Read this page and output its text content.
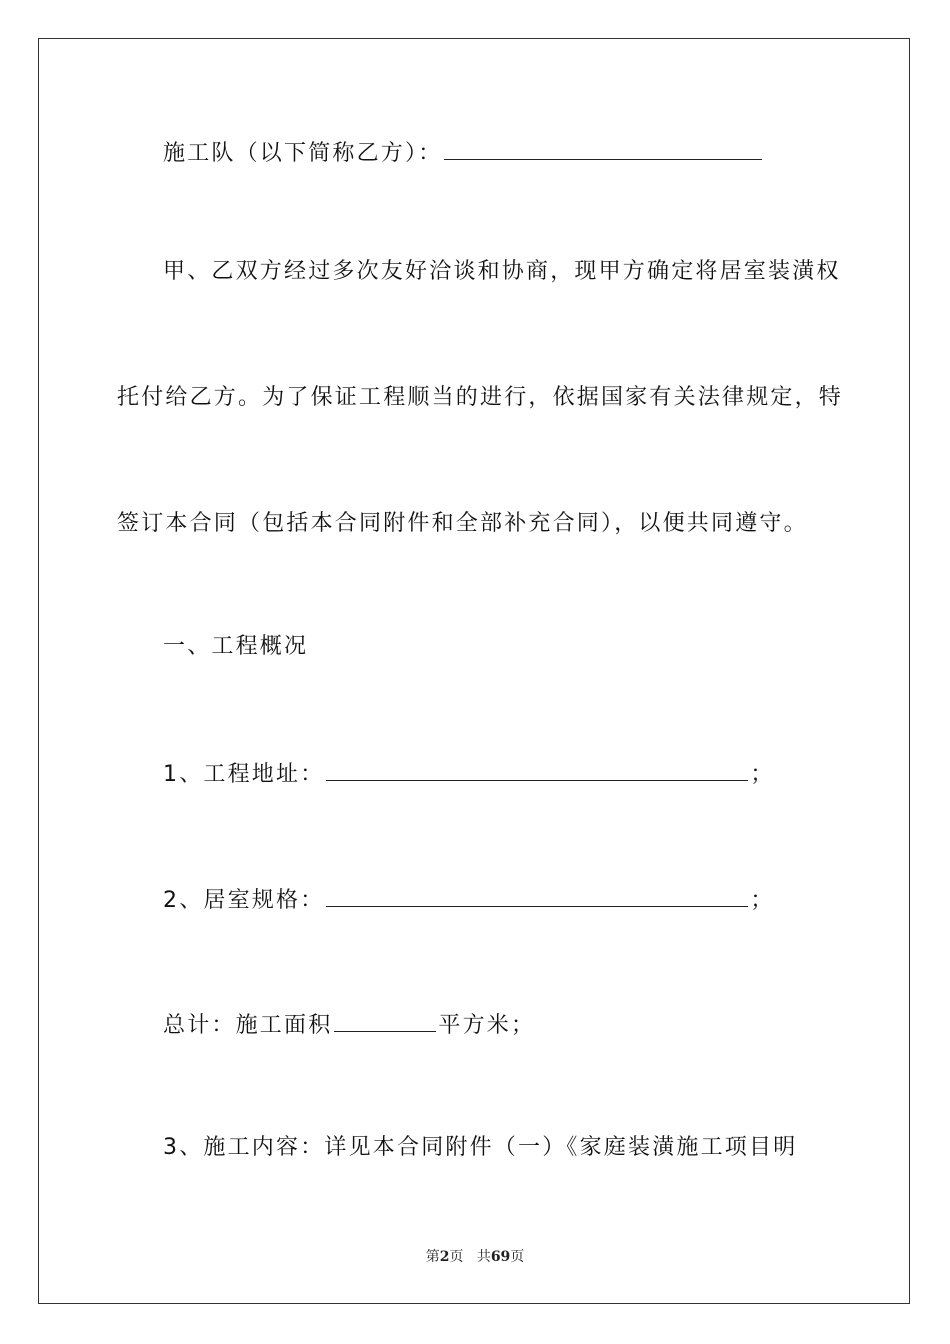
施工队（以下简称乙方）：
甲、乙双方经过多次友好洽谈和协商，现甲方确定将居室装潢权
托付给乙方。为了保证工程顺当的进行，依据国家有关法律规定，特
签订本合同（包括本合同附件和全部补充合同），以便共同遵守。
一、工程概况
1、工程地址：	；
2、居室规格：	；
总计：施工面积	平方米；
3、施工内容：详见本合同附件（一）《家庭装潢施工项目明
第2页 共69页
